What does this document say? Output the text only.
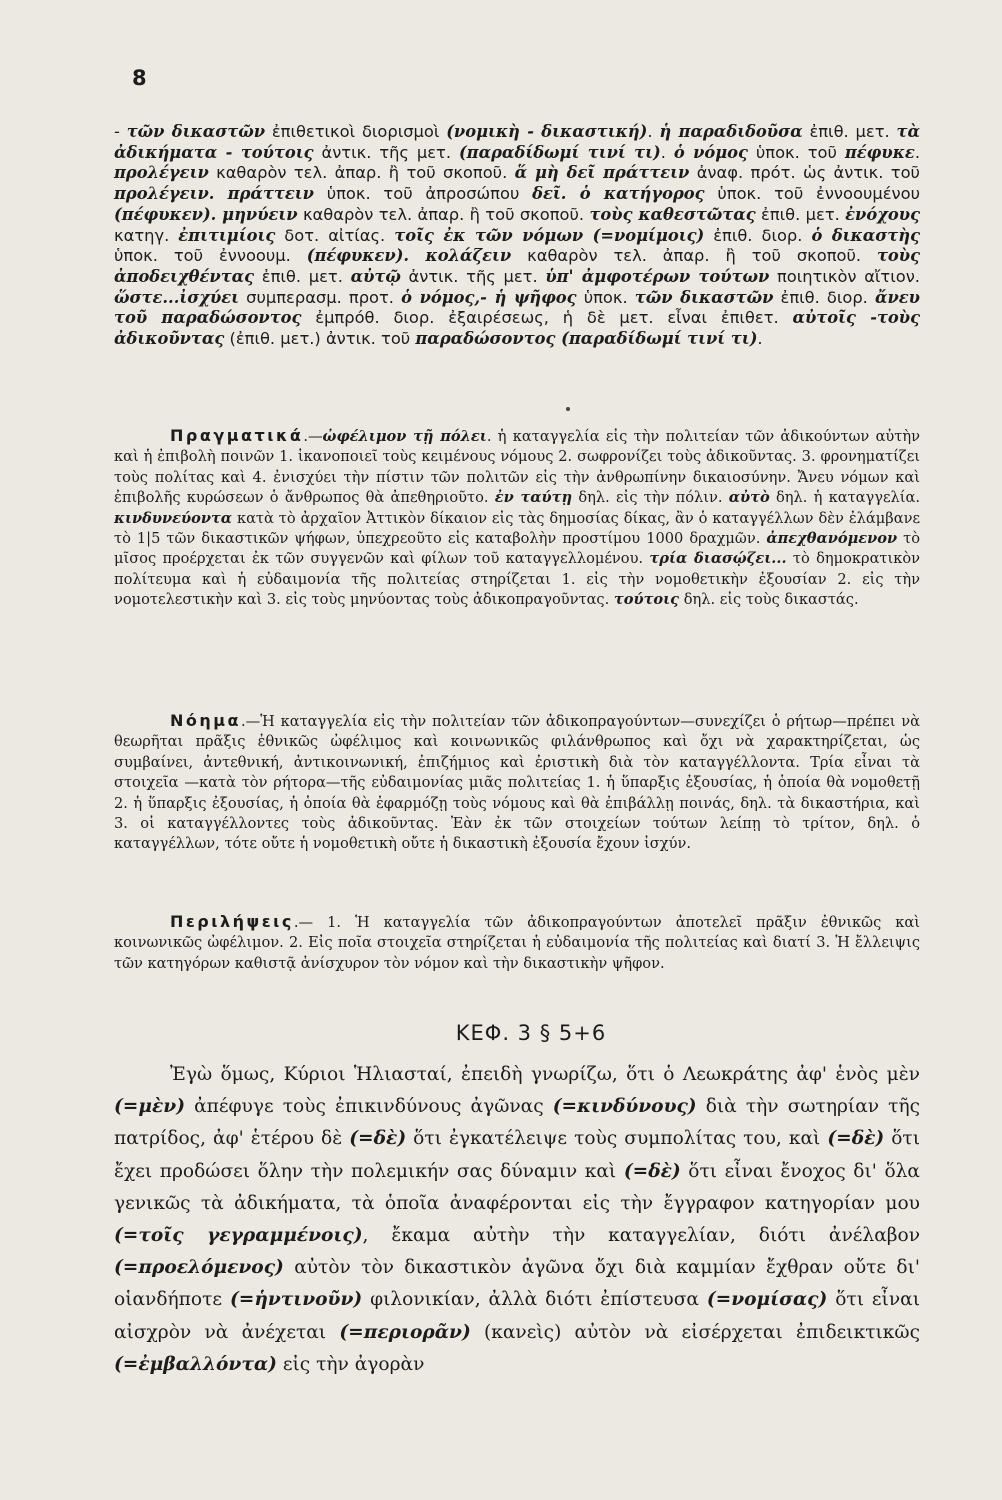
8
- τῶν δικαστῶν ἐπιθετικοὶ διορισμοὶ (νομικὴ - δικαστική). ἡ παραδιδοῦσα ἐπιθ. μετ. τὰ ἀδικήματα - τούτοις ἀντικ. τῆς μετ. (παραδίδωμί τινί τι). ὁ νόμος ὑποκ. τοῦ πέφυκε. προλέγειν καθαρὸν τελ. ἀπαρ. ἢ τοῦ σκοποῦ. ἅ μὴ δεῖ πράττειν ἀναφ. πρότ. ὡς ἀντικ. τοῦ προλέγειν. πράττειν ὑποκ. τοῦ ἀπροσώπου δεῖ. ὁ κατήγορος ὑποκ. τοῦ ἐννοουμένου (πέφυκεν). μηνύειν καθαρὸν τελ. ἀπαρ. ἢ τοῦ σκοποῦ. τοὺς καθεστῶτας ἐπιθ. μετ. ἐνόχους κατηγ. ἐπιτιμίοις δοτ. αἰτίας. τοῖς ἐκ τῶν νόμων (=νομίμοις) ἐπιθ. διορ. ὁ δικαστὴς ὑποκ. τοῦ ἐννοουμ. (πέφυκεν). κολάζειν καθαρὸν τελ. ἀπαρ. ἢ τοῦ σκοποῦ. τοὺς ἀποδειχθέντας ἐπιθ. μετ. αὐτῷ ἀντικ. τῆς μετ. ὑπ' ἀμφοτέρων τούτων ποιητικὸν αἴτιον. ὥστε...ἰσχύει συμπερασμ. προτ. ὁ νόμος,- ἡ ψῆφος ὑποκ. τῶν δικαστῶν ἐπιθ. διορ. ἄνευ τοῦ παραδώσοντος ἐμπρόθ. διορ. ἐξαιρέσεως, ἡ δὲ μετ. εἶναι ἐπιθετ. αὐτοῖς -τοὺς ἀδικοῦντας (ἐπιθ. μετ.) ἀντικ. τοῦ παραδώσοντος (παραδίδωμί τινί τι).
Πραγματικά.—ὠφέλιμον τῇ πόλει. ἡ καταγγελία εἰς τὴν πολιτείαν τῶν ἀδικούντων αὐτὴν καὶ ἡ ἐπιβολὴ ποινῶν 1. ἱκανοποιεῖ τοὺς κειμένους νόμους 2. σωφρονίζει τοὺς ἀδικοῦντας. 3. φρονηματίζει τοὺς πολίτας καὶ 4. ἐνισχύει τὴν πίστιν τῶν πολιτῶν εἰς τὴν ἀνθρωπίνην δικαιοσύνην. Ἄνευ νόμων καὶ ἐπιβολῆς κυρώσεων ὁ ἄνθρωπος θὰ ἀπεθηριοῦτο. ἐν ταύτῃ δηλ. εἰς τὴν πόλιν. αὐτὸ δηλ. ἡ καταγγελία. κινδυνεύοντα κατὰ τὸ ἀρχαῖον Ἀττικὸν δίκαιον εἰς τὰς δημοσίας δίκας, ἂν ὁ καταγγέλλων δὲν ἐλάμβανε τὸ 1|5 τῶν δικαστικῶν ψήφων, ὑπεχρεοῦτο εἰς καταβολὴν προστίμου 1000 δραχμῶν. ἀπεχθανόμενον τὸ μῖσος προέρχεται ἐκ τῶν συγγενῶν καὶ φίλων τοῦ καταγγελλομένου. τρία διασῴζει... τὸ δημοκρατικὸν πολίτευμα καὶ ἡ εὐδαιμονία τῆς πολιτείας στηρίζεται 1. εἰς τὴν νομοθετικὴν ἐξουσίαν 2. εἰς τὴν νομοτελεστικὴν καὶ 3. εἰς τοὺς μηνύοντας τοὺς ἀδικοπραγοῦντας. τούτοις δηλ. εἰς τοὺς δικαστάς.
Νόημα.—Ἡ καταγγελία εἰς τὴν πολιτείαν τῶν ἀδικοπραγούντων—συνεχίζει ὁ ρήτωρ—πρέπει νὰ θεωρῆται πρᾶξις ἐθνικῶς ὠφέλιμος καὶ κοινωνικῶς φιλάνθρωπος καὶ ὄχι νὰ χαρακτηρίζεται, ὡς συμβαίνει, ἀντεθνική, ἀντικοινωνική, ἐπιζήμιος καὶ ἐριστικὴ διὰ τὸν καταγγέλλοντα. Τρία εἶναι τὰ στοιχεῖα —κατὰ τὸν ρήτορα—τῆς εὐδαιμονίας μιᾶς πολιτείας 1. ἡ ὕπαρξις ἐξουσίας, ἡ ὁποία θὰ νομοθετῇ 2. ἡ ὕπαρξις ἐξουσίας, ἡ ὁποία θὰ ἐφαρμόζῃ τοὺς νόμους καὶ θὰ ἐπιβάλλῃ ποινάς, δηλ. τὰ δικαστήρια, καὶ 3. οἱ καταγγέλλοντες τοὺς ἀδικοῦντας. Ἐὰν ἐκ τῶν στοιχείων τούτων λείπῃ τὸ τρίτον, δηλ. ὁ καταγγέλλων, τότε οὔτε ἡ νομοθετικὴ οὔτε ἡ δικαστικὴ ἐξουσία ἔχουν ἰσχύν.
Περιλήψεις.— 1. Ἡ καταγγελία τῶν ἀδικοπραγούντων ἀποτελεῖ πρᾶξιν ἐθνικῶς καὶ κοινωνικῶς ὠφέλιμον. 2. Εἰς ποῖα στοιχεῖα στηρίζεται ἡ εὐδαιμονία τῆς πολιτείας καὶ διατί 3. Ἡ ἔλλειψις τῶν κατηγόρων καθιστᾷ ἀνίσχυρον τὸν νόμον καὶ τὴν δικαστικὴν ψῆφον.
ΚΕΦ. 3 § 5+6
Ἐγὼ ὅμως, Κύριοι Ἡλιασταί, ἐπειδὴ γνωρίζω, ὅτι ὁ Λεωκράτης ἀφ' ἑνὸς μὲν (=μὲν) ἀπέφυγε τοὺς ἐπικινδύνους ἀγῶνας (=κινδύνους) διὰ τὴν σωτηρίαν τῆς πατρίδος, ἀφ' ἑτέρου δὲ (=δὲ) ὅτι ἐγκατέλειψε τοὺς συμπολίτας του, καὶ (=δὲ) ὅτι ἔχει προδώσει ὅλην τὴν πολεμικήν σας δύναμιν καὶ (=δὲ) ὅτι εἶναι ἔνοχος δι' ὅλα γενικῶς τὰ ἀδικήματα, τὰ ὁποῖα ἀναφέρονται εἰς τὴν ἔγγραφον κατηγορίαν μου (=τοῖς γεγραμμένοις), ἔκαμα αὐτὴν τὴν καταγγελίαν, διότι ἀνέλαβον (=προελόμενος) αὐτὸν τὸν δικαστικὸν ἀγῶνα ὄχι διὰ καμμίαν ἔχθραν οὔτε δι' οἱανδήποτε (=ἡντινοῦν) φιλονικίαν, ἀλλὰ διότι ἐπίστευσα (=νομίσας) ὅτι εἶναι αἰσχρὸν νὰ ἀνέχεται (=περιορᾶν) (κανεὶς) αὐτὸν νὰ εἰσέρχεται ἐπιδεικτικῶς (=ἐμβαλλόντα) εἰς τὴν ἀγορὰν
